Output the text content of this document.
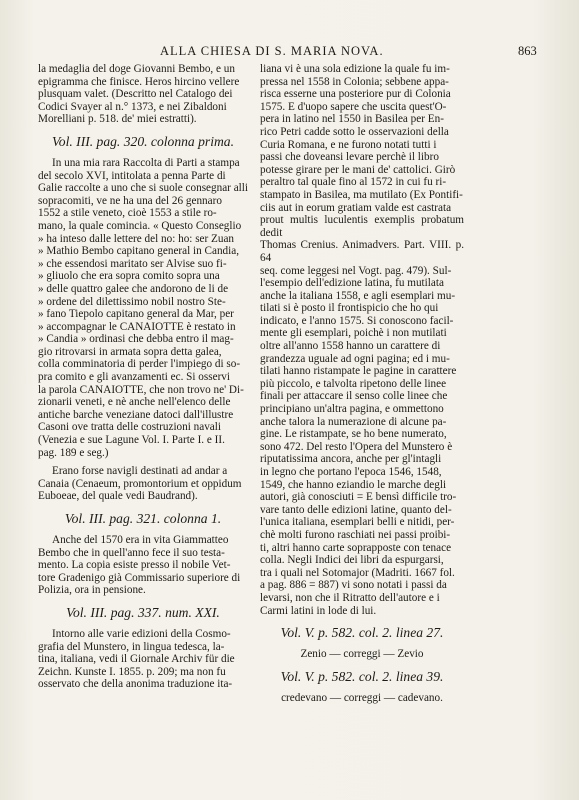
ALLA CHIESA DI S. MARIA NOVA.	863

la medaglia del doge Giovanni Bembo, e un
epigramma che finisce. Heros hircino vellere
plusquam valet. (Descritto nel Catalogo dei
Codici Svayer al n.° 1373, e nei Zibaldoni
Morelliani p. 518. de' miei estratti).

Vol. III. pag. 320. colonna prima.

In una mia rara Raccolta di Parti a stampa
del secolo XVI, intitolata a penna Parte di
Galie raccolte a uno che si suole consegnar alli
sopracomiti, ve ne ha una del 26 gennaro
1552 a stile veneto, cioè 1553 a stile ro-
mano, la quale comincia. « Questo Conseglio
» ha inteso dalle lettere del no: ho: ser Zuan
» Mathio Bembo capitano general in Candia,
» che essendosi maritato ser Alvise suo fi-
» gliuolo che era sopra comito sopra una
» delle quattro galee che andorono de li de
» ordene del dilettissimo nobil nostro Ste-
» fano Tiepolo capitano general da Mar, per
» accompagnar le CANAIOTTE è restato in
» Candia » ordinasi che debba entro il mag-
gio ritrovarsi in armata sopra detta galea,
colla comminatoria di perder l'impiego di so-
pra comito e gli avanzamenti ec. Si osservi
la parola CANAIOTTE, che non trovo ne' Di-
zionarii veneti, e nè anche nell'elenco delle
antiche barche veneziane datoci dall'illustre
Casoni ove tratta delle costruzioni navali
(Venezia e sue Lagune Vol. I. Parte I. e II.
pag. 189 e seg.)

Erano forse navigli destinati ad andar a
Canaia (Cenaeum, promontorium et oppidum
Euboeae, del quale vedi Baudrand).

Vol. III. pag. 321. colonna 1.

Anche del 1570 era in vita Giammatteo
Bembo che in quell'anno fece il suo testa-
mento. La copia esiste presso il nobile Vet-
tore Gradenigo già Commissario superiore di
Polizia, ora in pensione.

Vol. III. pag. 337. num. XXI.

Intorno alle varie edizioni della Cosmo-
grafia del Munstero, in lingua tedesca, la-
tina, italiana, vedi il Giornale Archiv für die
Zeichn. Kunste I. 1855. p. 209; ma non fu
osservato che della anonima traduzione ita-

liana vi è una sola edizione la quale fu im-
pressa nel 1558 in Colonia; sebbene appa-
risca esserne una posteriore pur di Colonia
1575. E d'uopo sapere che uscita quest'O-
pera in latino nel 1550 in Basilea per En-
rico Petri cadde sotto le osservazioni della
Curia Romana, e ne furono notati tutti i
passi che doveansi levare perchè il libro
potesse girare per le mani de' cattolici. Girò
peraltro tal quale fino al 1572 in cui fu ri-
stampato in Basilea, ma mutilato (Ex Pontifi-
ciis aut in eorum gratiam valde est castrata
prout multis luculentis exemplis probatum dedit
Thomas Crenius. Animadvers. Part. VIII. p. 64
seq. come leggesi nel Vogt. pag. 479). Sul-
l'esempio dell'edizione latina, fu mutilata
anche la italiana 1558, e agli esemplari mu-
tilati si è posto il frontispicio che ho qui
indicato, e l'anno 1575. Si conoscono facil-
mente gli esemplari, poichè i non mutilati
oltre all'anno 1558 hanno un carattere di
grandezza uguale ad ogni pagina; ed i mu-
tilati hanno ristampate le pagine in carattere
più piccolo, e talvolta ripetono delle linee
finali per attaccare il senso colle linee che
principiano un'altra pagina, e ommettono
anche talora la numerazione di alcune pa-
gine. Le ristampate, se ho bene numerato,
sono 472. Del resto l'Opera del Munstero è
riputatissima ancora, anche per gl'intagli
in legno che portano l'epoca 1546, 1548,
1549, che hanno eziandio le marche degli
autori, già conosciuti = E bensì difficile tro-
vare tanto delle edizioni latine, quanto del-
l'unica italiana, esemplari belli e nitidi, per-
chè molti furono raschiati nei passi proibi-
ti, altri hanno carte soprapposte con tenace
colla. Negli Indici dei libri da espurgarsi,
tra i quali nel Sotomajor (Madriti. 1667 fol.
a pag. 886 = 887) vi sono notati i passi da
levarsi, non che il Ritratto dell'autore e i
Carmi latini in lode di lui.

Vol. V. p. 582. col. 2. linea 27.
Zenio — correggi — Zevio
Vol. V. p. 582. col. 2. linea 39.
credevano — correggi — cadevano.
